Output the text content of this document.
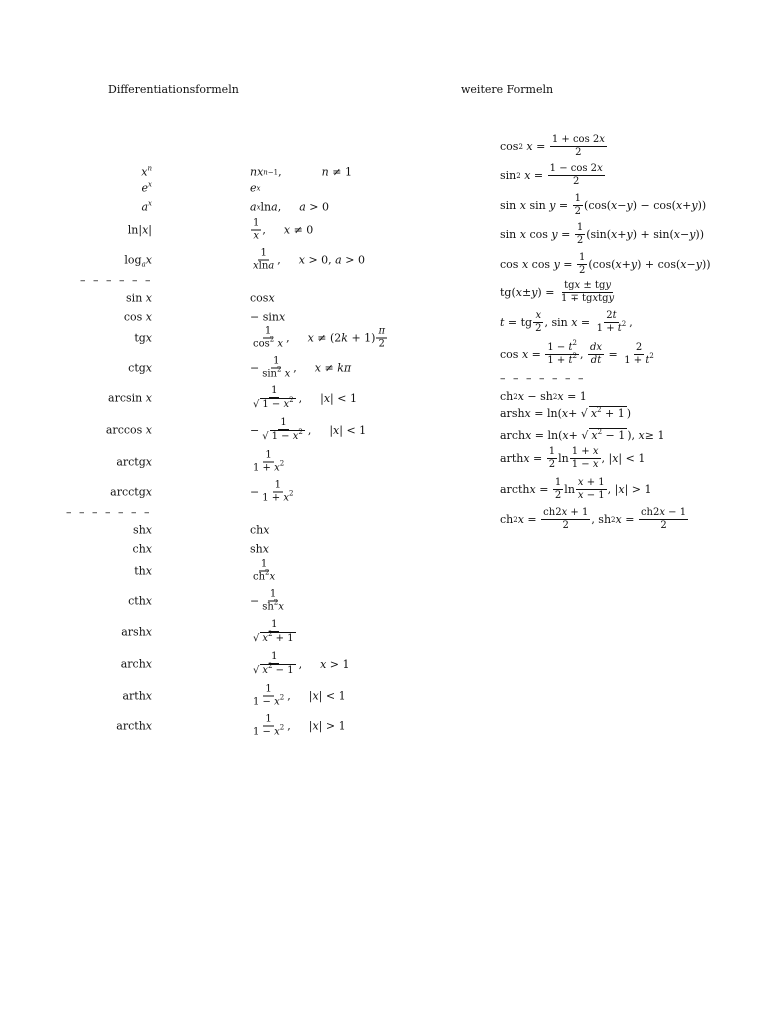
Differentiationsformeln	weitere Formeln
$x^n$	nx n−1 ,	n ≠ 1
$e^x$	e x
$a^x$	a x ln a , a > 0
ln|x|	$\frac{1}{x}$ , x ≠ 0
$\log_ax$	$\frac{1}{xlna}$ , x > 0, a > 0
– – – – – –
sin x	cos x
cos x	− sin x
tgx	$\frac{1}{\cos^2 x}$ , $x \ne (2k + 1) \frac{\pi}{2}$
ctgx	− $\frac{1}{\sin^2 x}$ , x ≠ kπ
arcsin x	$\frac{1}{√ 1 - x^2}$ , |x| < 1
arccos x	− $\frac{1}{√ 1 - x^2}$ , |x| < 1
arctgx	$\frac{1}{1 + x^2}$
arcctgx	− $\frac{1}{1 + x^2}$
– – – – – – –
shx	ch x
chx	sh x
thx	$\frac{1}{ch^2x}$
cthx	− $\frac{1}{sh^2x}$
arshx	$\frac{1}{√ x^2 + 1}$
archx	$\frac{1}{√ x^2 - 1}$ , x > 1
arthx	$\frac{1}{1 - x^2}$ , |x| < 1
arcthx	$\frac{1}{1 - x^2}$ , |x| > 1
cos 2
$x = \frac{1 + \cos 2x}{2}$
sin 2
$x = \frac{1 - \cos 2x}{2}$
sin x $\sin y = \frac{1}{2} (\cos$( x − y ) − cos( x + y ))
sin x $\cos y = \frac{1}{2} (\sin$( x + y ) + sin( x − y ))
cos x $\cos y = \frac{1}{2} (\cos$( x + y ) + cos( x − y ))
tg( x ± y ) = $\frac{\text{tgx ± tgy}}{\text{1 ∓ tgxtgy}}$
t = tg $\frac{x}{2}$ , $\sin x = \frac{2t}{1 + t^2}$ ,
$\cos x = \frac{1 - t^2}{1 + t^2}$ , $\frac{dx}{dt} = \frac{2}{1 + t^2}$
– – – – – – –
ch 2 x − sh 2 x = 1
arsh x = ln( x + √ $x^2 + 1$ )
arch x = ln( x + √ $x^2 - 1$ ), x ≥ 1
arth $x = \frac{1}{2}$ $\ln \frac{1 + x}{1 - x}$ , | x | < 1
arcth $x = \frac{1}{2}$ $\ln \frac{x + 1}{x - 1}$ , | x | > 1
ch 2 $x = \frac{ch2x + 1}{2}$ , sh 2 $x = \frac{ch2x - 1}{2}$
